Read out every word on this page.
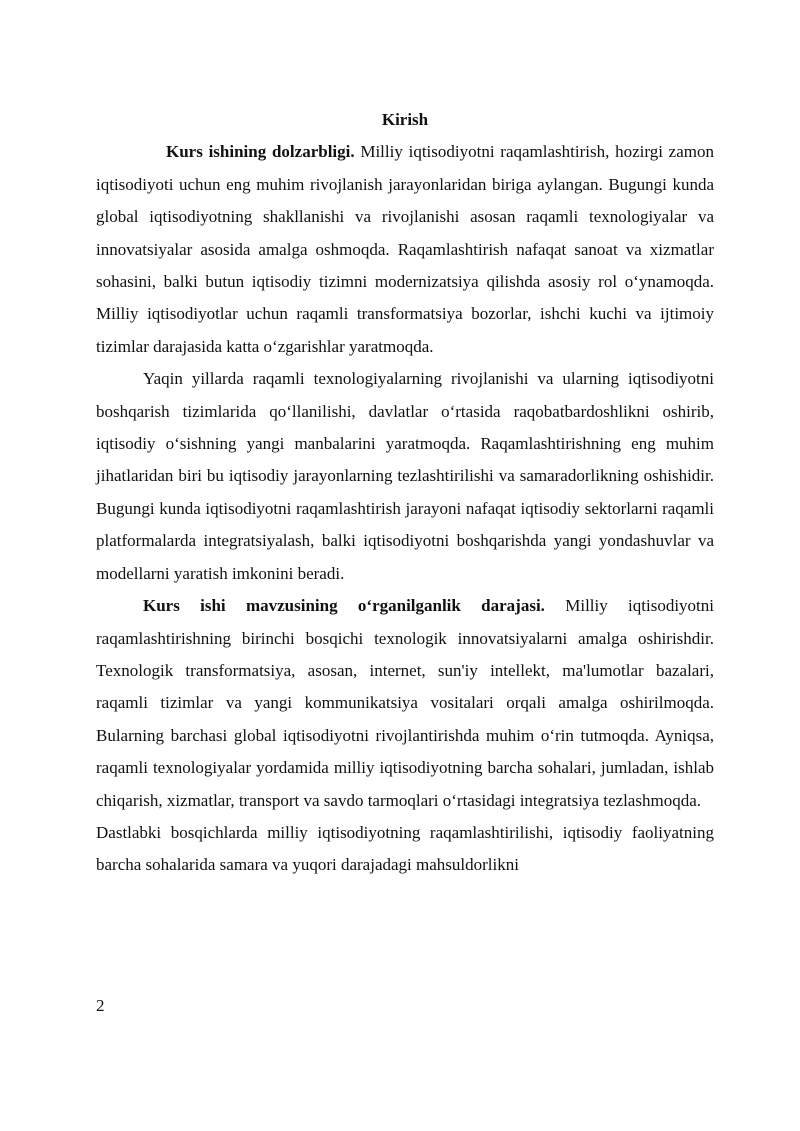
Kirish

Kurs ishining dolzarbligi. Milliy iqtisodiyotni raqamlashtirish, hozirgi zamon iqtisodiyoti uchun eng muhim rivojlanish jarayonlaridan biriga aylangan. Bugungi kunda global iqtisodiyotning shakllanishi va rivojlanishi asosan raqamli texnologiyalar va innovatsiyalar asosida amalga oshmoqda. Raqamlashtirish nafaqat sanoat va xizmatlar sohasini, balki butun iqtisodiy tizimni modernizatsiya qilishda asosiy rol o‘ynamoqda. Milliy iqtisodiyotlar uchun raqamli transformatsiya bozorlar, ishchi kuchi va ijtimoiy tizimlar darajasida katta o‘zgarishlar yaratmoqda.

Yaqin yillarda raqamli texnologiyalarning rivojlanishi va ularning iqtisodiyotni boshqarish tizimlarida qo‘llanilishi, davlatlar o‘rtasida raqobatbardoshlikni oshirib, iqtisodiy o‘sishning yangi manbalarini yaratmoqda. Raqamlashtirishning eng muhim jihatlaridan biri bu iqtisodiy jarayonlarning tezlashtirilishi va samaradorlikning oshishidir. Bugungi kunda iqtisodiyotni raqamlashtirish jarayoni nafaqat iqtisodiy sektorlarni raqamli platformalarda integratsiyalash, balki iqtisodiyotni boshqarishda yangi yondashuvlar va modellarni yaratish imkonini beradi.

Kurs ishi mavzusining o‘rganilganlik darajasi. Milliy iqtisodiyotni raqamlashtirishning birinchi bosqichi texnologik innovatsiyalarni amalga oshirishdir. Texnologik transformatsiya, asosan, internet, sun'iy intellekt, ma'lumotlar bazalari, raqamli tizimlar va yangi kommunikatsiya vositalari orqali amalga oshirilmoqda. Bularning barchasi global iqtisodiyotni rivojlantirishda muhim o‘rin tutmoqda. Ayniqsa, raqamli texnologiyalar yordamida milliy iqtisodiyotning barcha sohalari, jumladan, ishlab chiqarish, xizmatlar, transport va savdo tarmoqlari o‘rtasidagi integratsiya tezlashmoqda.

Dastlabki bosqichlarda milliy iqtisodiyotning raqamlashtirilishi, iqtisodiy faoliyatning barcha sohalarida samara va yuqori darajadagi mahsuldorlikni

2
